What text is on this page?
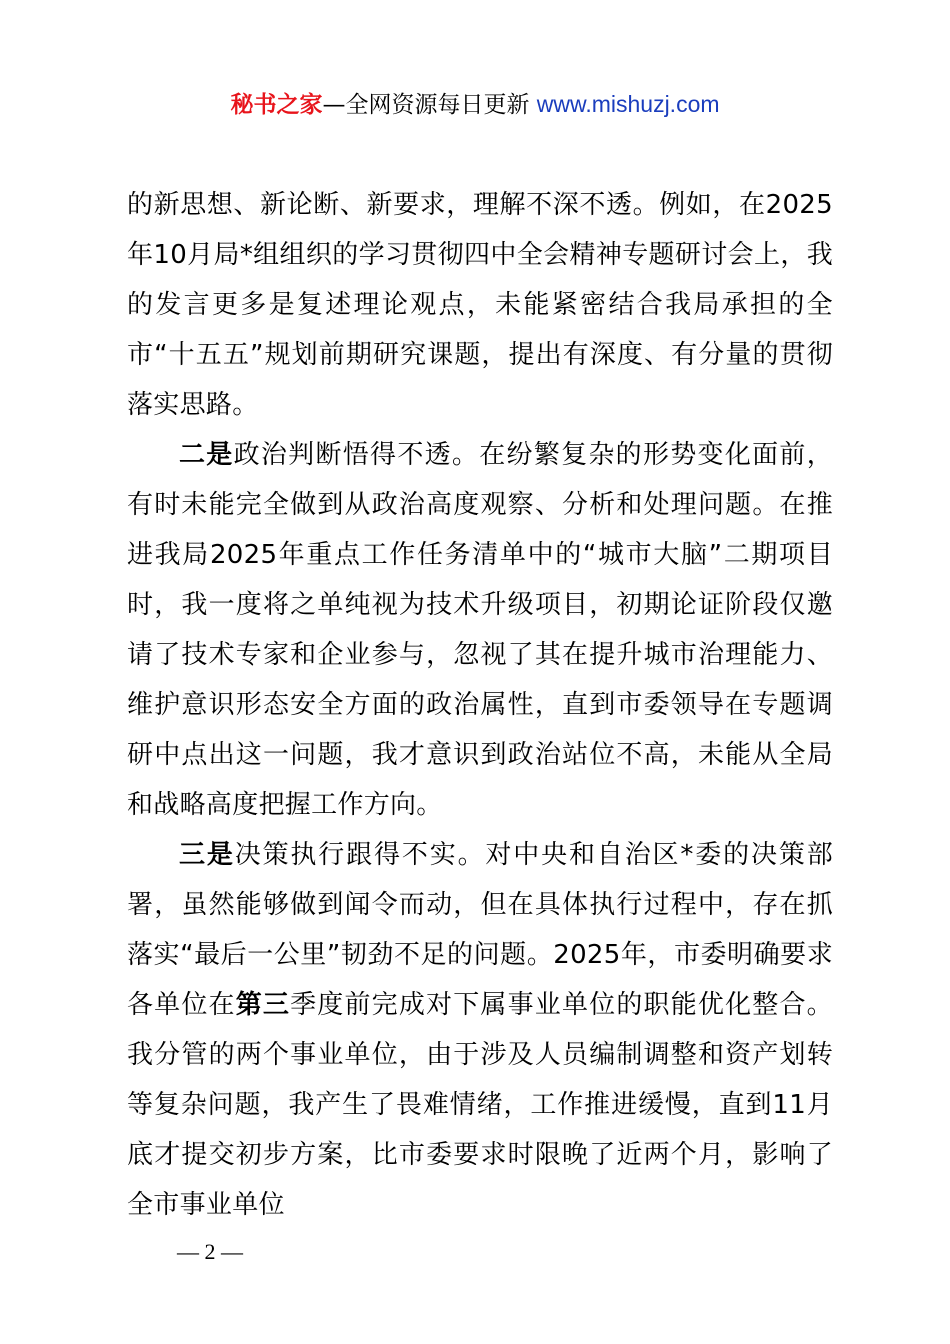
秘书之家—全网资源每日更新 www.mishuzj.com

的新思想、新论断、新要求，理解不深不透。例如，在2025年10月局*组组织的学习贯彻四中全会精神专题研讨会上，我的发言更多是复述理论观点，未能紧密结合我局承担的全市“十五五”规划前期研究课题，提出有深度、有分量的贯彻落实思路。

二是政治判断悟得不透。在纷繁复杂的形势变化面前，有时未能完全做到从政治高度观察、分析和处理问题。在推进我局2025年重点工作任务清单中的“城市大脑”二期项目时，我一度将之单纯视为技术升级项目，初期论证阶段仅邀请了技术专家和企业参与，忽视了其在提升城市治理能力、维护意识形态安全方面的政治属性，直到市委领导在专题调研中点出这一问题，我才意识到政治站位不高，未能从全局和战略高度把握工作方向。

三是决策执行跟得不实。对中央和自治区*委的决策部署，虽然能够做到闻令而动，但在具体执行过程中，存在抓落实“最后一公里”韧劲不足的问题。2025年，市委明确要求各单位在第三季度前完成对下属事业单位的职能优化整合。我分管的两个事业单位，由于涉及人员编制调整和资产划转等复杂问题，我产生了畏难情绪，工作推进缓慢，直到11月底才提交初步方案，比市委要求时限晚了近两个月，影响了全市事业单位

— 2 —
